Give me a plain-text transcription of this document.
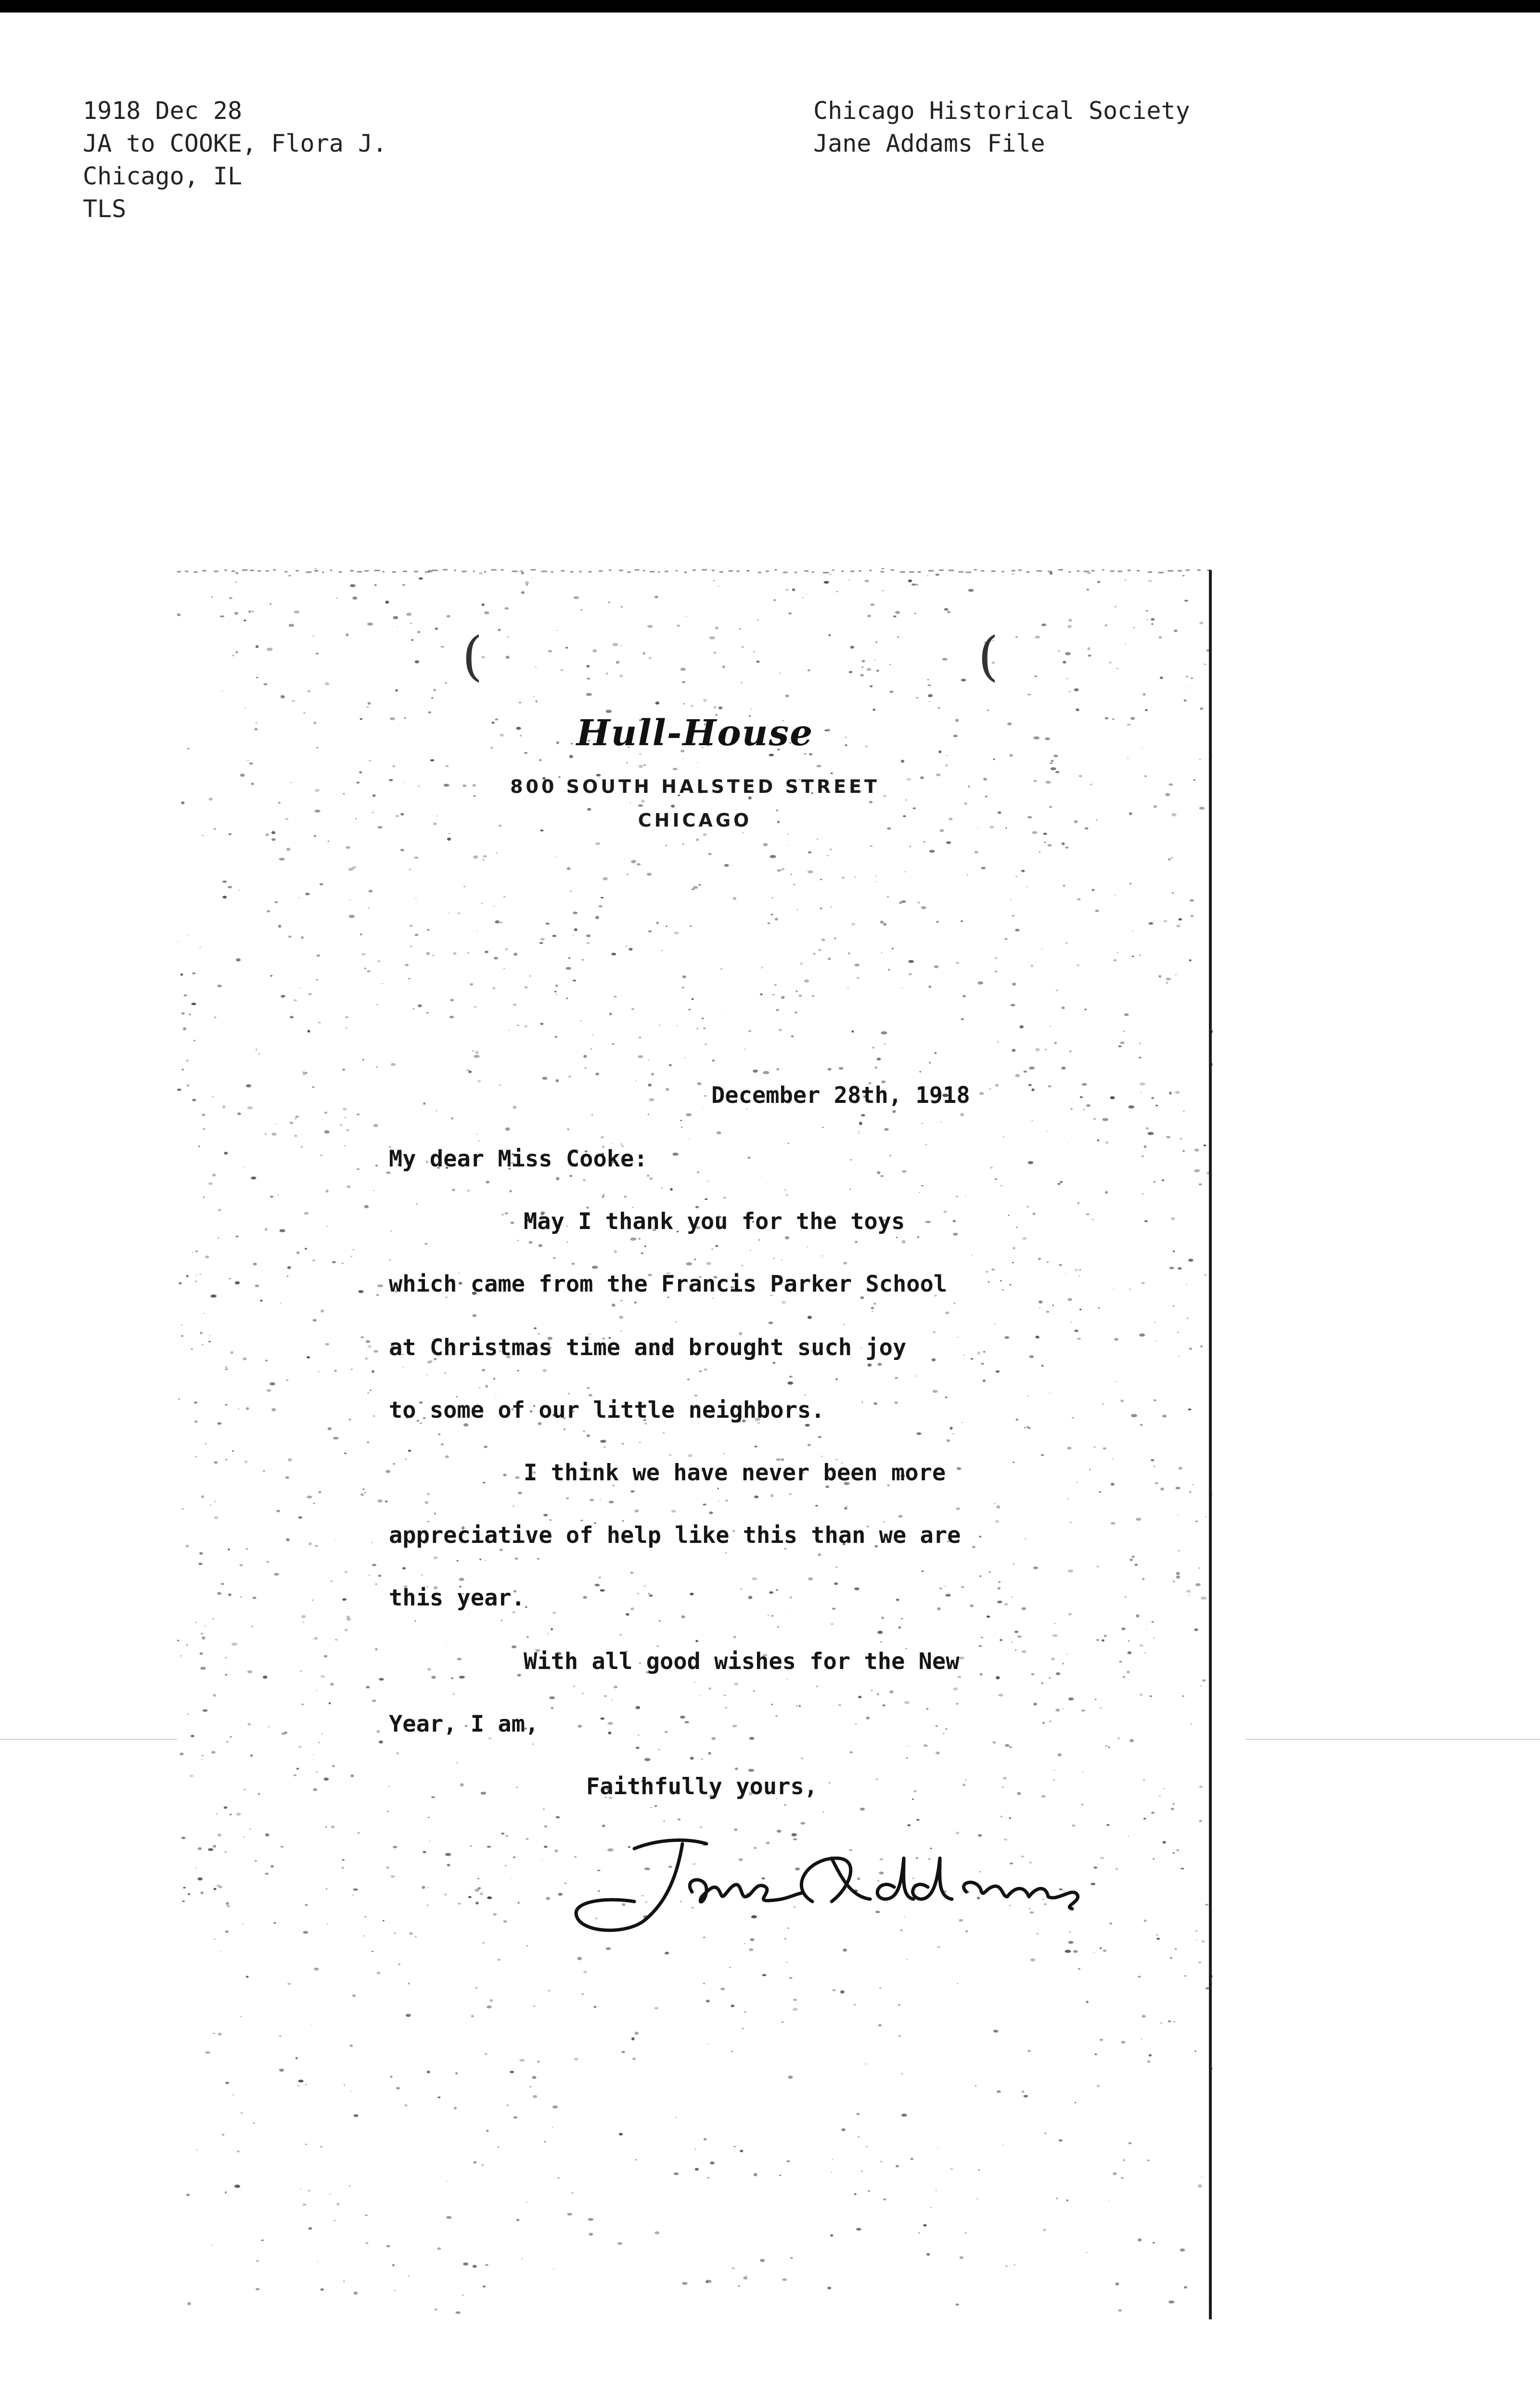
1918 Dec 28
JA to COOKE, Flora J.
Chicago, IL
TLS
Chicago Historical Society
Jane Addams File
(	(
Hull-House
800 SOUTH HALSTED STREET
CHICAGO
December 28th, 1918
My dear Miss Cooke:
May I thank you for the toys
which came from the Francis Parker School
at Christmas time and brought such joy
to some of our little neighbors.
I think we have never been more
appreciative of help like this than we are
this year.
With all good wishes for the New
Year, I am,
Faithfully yours,
